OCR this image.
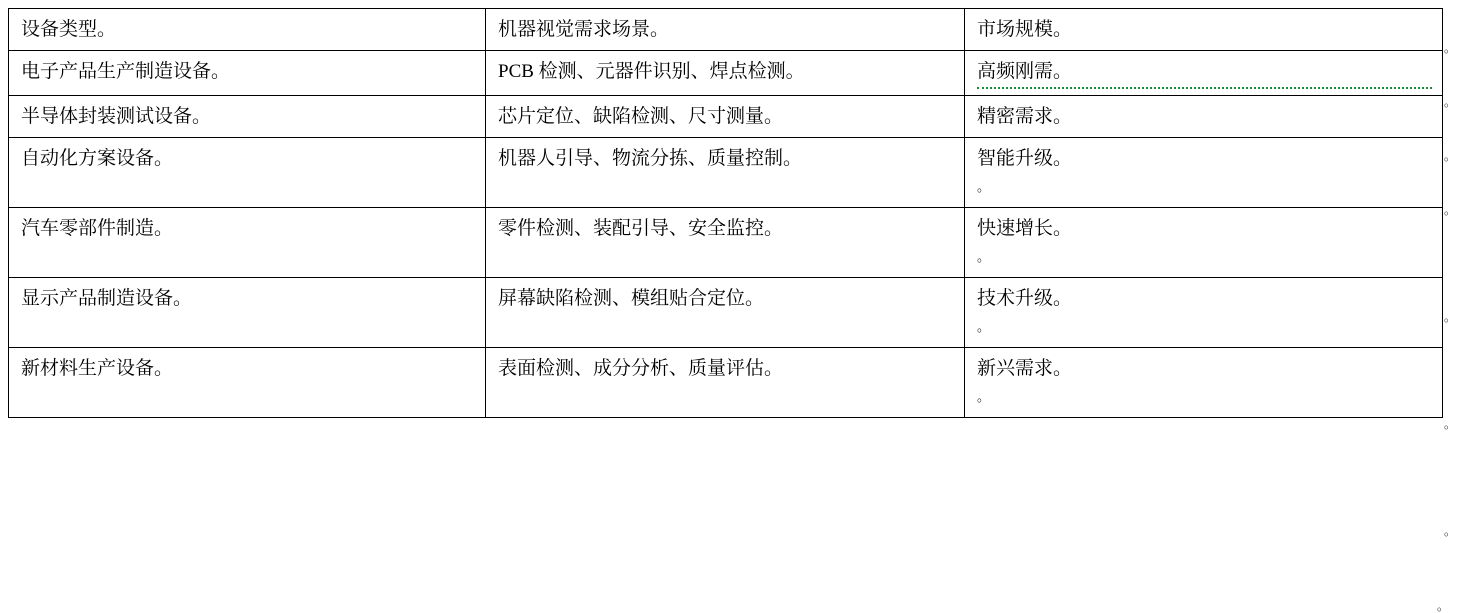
设备类型。	机器视觉需求场景。	市场规模。

电子产品生产制造设备。	PCB 检测、元器件识别、焊点检测。	高频刚需。

半导体封装测试设备。	芯片定位、缺陷检测、尺寸测量。	精密需求。

自动化方案设备。	机器人引导、物流分拣、质量控制。	智能升级。
。

汽车零部件制造。	零件检测、装配引导、安全监控。	快速增长。
。

显示产品制造设备。	屏幕缺陷检测、模组贴合定位。	技术升级。
。

新材料生产设备。	表面检测、成分分析、质量评估。	新兴需求。
。
。
。
。
。
。
。
。
。
